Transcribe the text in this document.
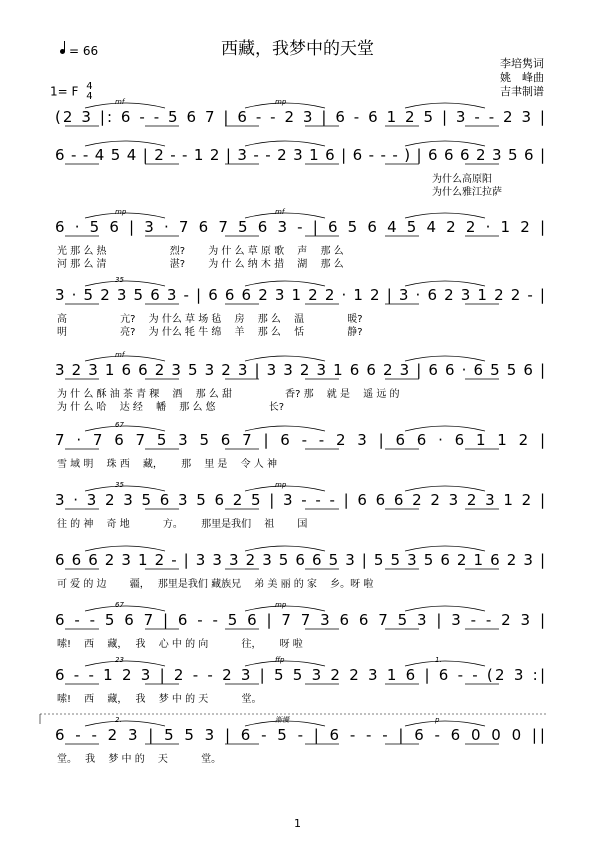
西藏，我梦中的天堂
= 66
1= F 4
4
李培隽词
姚　峰曲
吉聿制谱
(2 3 |: 6 - - 5 6 7 | 6 - - 2 3 | 6 - 6 1 2 5 | 3 - - 2 3 |
mf	mp
6 - - 4 5 4 | 2 - - 1 2 | 3 - - 2 3 1 6 | 6 - - - ) | 6 6 6 2 3 5 6 |
为什么高原阳
为什么雅江拉萨
6 · 5 6 | 3 · 7 6 7 5 6 3 - | 6 5 6 4 5 4 2 2 · 1 2 |
mp	mf
光 那 么 热　　　　　　 烈?　　 为 什 么 草 原 歌　 声　 那 么
河 那 么 清　　　　　　 湛?　　 为 什 么 纳 木 措　 湖　 那 么
3 · 5 2 3 5 6 3 - | 6 6 6 2 3 1 2 2 · 1 2 | 3 · 6 2 3 1 2 2 - |
35
高　　　　　 亢?　 为 什么 草 场 毡　 房　 那 么　 温　　　　 暖?
明　　　　　 亮?　 为 什么 牦 牛 绵　 羊　 那 么　 恬　　　　 静?
3 2 3 1 6 6 2 3 5 3 2 3 | 3 3 2 3 1 6 6 2 3 | 6 6 · 6 5 5 6 |
mf
为 什 么 酥 油 茶 青 稞　 酒　 那 么 甜　　　　　 香? 那　 就 是　 遥 远 的
为 什 么 哈　 达 经　 幡　 那 么 悠　　　　　 长?
7 · 7 6 7 5 3 5 6 7 | 6 - - 2 3 | 6 6 · 6 1 1 2 |
67
雪 域 明　 珠 西　 藏，　　 那　 里 是　 令 人 神
3 · 3 2 3 5 6 3 5 6 2 5 | 3 - - - | 6 6 6 2 2 3 2 3 1 2 |
35	mp
往 的 神　 奇 地　　　 方。　　 那里是我们　 祖　　 国
6 6 6 2 3 1 2 - | 3 3 3 2 3 5 6 6 5 3 | 5 5 3 5 6 2 1 6 2 3 |
可 爱 的 边　　 疆，　 那里是我们 藏族兄　 弟 美 丽 的 家　 乡。呀 啦
6 - - 5 6 7 | 6 - - 5 6 | 7 7 3 6 6 7 5 3 | 3 - - 2 3 |
67	mp
嗦!　 西　 藏，　 我　 心 中 的 向　　　 往，　　 呀 啦
6 - - 1 2 3 | 2 - - 2 3 | 5 5 3 2 2 3 1 6 | 6 - - (2 3 :|
23	ffp	1.
嗦!　 西　 藏，　 我　 梦 中 的 天　　　 堂。
6 - - 2 3 | 5 5 3 | 6 - 5 - | 6 - - - | 6 - 6 0 0 0 ||
2.	渐慢	p
堂。　 我　 梦 中 的　 天　　　 堂。
1
